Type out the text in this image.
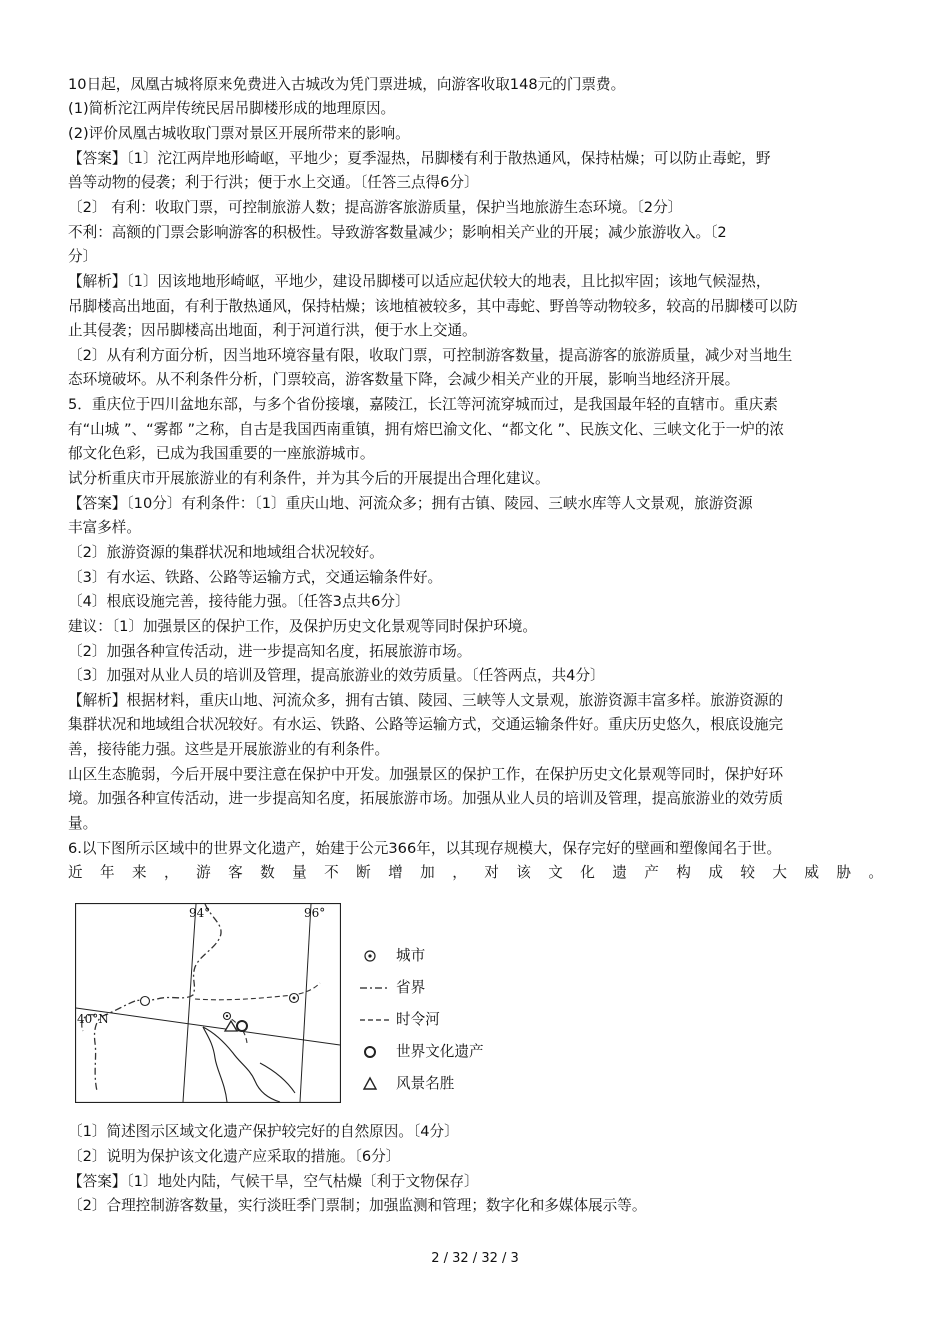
10日起，凤凰古城将原来免费进入古城改为凭门票进城，向游客收取148元的门票费。
(1)简析沱江两岸传统民居吊脚楼形成的地理原因。
(2)评价凤凰古城收取门票对景区开展所带来的影响。
【答案】〔1〕沱江两岸地形崎岖，平地少；夏季湿热，吊脚楼有利于散热通风，保持枯燥；可以防止毒蛇，野
兽等动物的侵袭；利于行洪；便于水上交通。〔任答三点得6分〕
〔2〕 有利：收取门票，可控制旅游人数；提高游客旅游质量，保护当地旅游生态环境。〔2分〕
不利：高额的门票会影响游客的积极性。导致游客数量减少；影响相关产业的开展；减少旅游收入。〔2
分〕
【解析】〔1〕因该地地形崎岖，平地少，建设吊脚楼可以适应起伏较大的地表，且比拟牢固；该地气候湿热，
吊脚楼高出地面，有利于散热通风，保持枯燥；该地植被较多，其中毒蛇、野兽等动物较多，较高的吊脚楼可以防
止其侵袭；因吊脚楼高出地面，利于河道行洪，便于水上交通。
〔2〕从有利方面分析，因当地环境容量有限，收取门票，可控制游客数量，提高游客的旅游质量，减少对当地生
态环境破坏。从不利条件分析，门票较高，游客数量下降，会减少相关产业的开展，影响当地经济开展。
5．重庆位于四川盆地东部，与多个省份接壤，嘉陵江，长江等河流穿城而过，是我国最年轻的直辖市。重庆素
有“山城 ”、“雾都 ”之称，自古是我国西南重镇，拥有熔巴渝文化、“都文化 ”、民族文化、三峡文化于一炉的浓
郁文化色彩，已成为我国重要的一座旅游城市。
试分析重庆市开展旅游业的有利条件，并为其今后的开展提出合理化建议。
【答案】〔10分〕有利条件：〔1〕重庆山地、河流众多；拥有古镇、陵园、三峡水库等人文景观，旅游资源
丰富多样。
〔2〕旅游资源的集群状况和地域组合状况较好。
〔3〕有水运、铁路、公路等运输方式，交通运输条件好。
〔4〕根底设施完善，接待能力强。〔任答3点共6分〕
建议：〔1〕加强景区的保护工作，及保护历史文化景观等同时保护环境。
〔2〕加强各种宣传活动，进一步提高知名度，拓展旅游市场。
〔3〕加强对从业人员的培训及管理，提高旅游业的效劳质量。〔任答两点，共4分〕
【解析】根据材料，重庆山地、河流众多，拥有古镇、陵园、三峡等人文景观，旅游资源丰富多样。旅游资源的
集群状况和地域组合状况较好。有水运、铁路、公路等运输方式，交通运输条件好。重庆历史悠久，根底设施完
善，接待能力强。这些是开展旅游业的有利条件。
山区生态脆弱，今后开展中要注意在保护中开发。加强景区的保护工作，在保护历史文化景观等同时，保护好环
境。加强各种宣传活动，进一步提高知名度，拓展旅游市场。加强从业人员的培训及管理，提高旅游业的效劳质
量。
6.以下图所示区域中的世界文化遗产，始建于公元366年，以其现存规模大，保存完好的壁画和塑像闻名于世。
近年来，游客数量不断增加，对该文化遗产构成较大威胁。
94°	96°
40°N
城市
省界
时令河
世界文化遗产
风景名胜
〔1〕简述图示区域文化遗产保护较完好的自然原因。〔4分〕
〔2〕说明为保护该文化遗产应采取的措施。〔6分〕
【答案】〔1〕地处内陆，气候干旱，空气枯燥〔利于文物保存〕
〔2〕合理控制游客数量，实行淡旺季门票制；加强监测和管理；数字化和多媒体展示等。
2 / 32 / 32 / 3
